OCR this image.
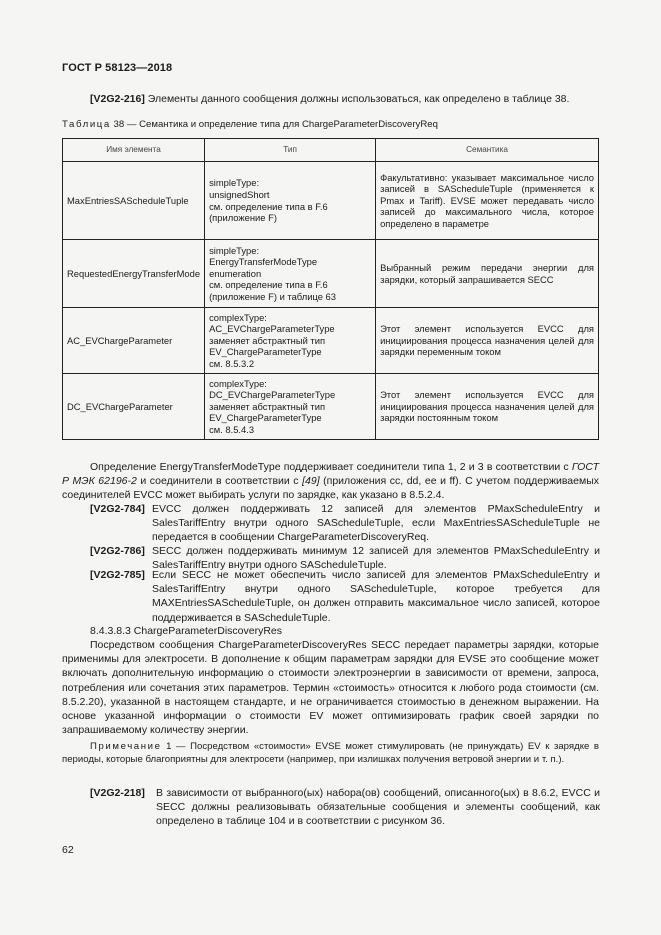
ГОСТ Р 58123—2018
[V2G2-216] Элементы данного сообщения должны использоваться, как определено в таблице 38.
Таблица 38 — Семантика и определение типа для ChargeParameterDiscoveryReq
Имя элемента	Тип	Семантика
MaxEntriesSAScheduleTuple	simpleType:
unsignedShort
см. определение типа в F.6
(приложение F)	Факультативно: указывает максимальное число записей в SAScheduleTuple (применяется к Pmax и Tariff). EVSE может передавать число записей до максимального числа, которое определено в параметре
RequestedEnergyTransferMode	simpleType:
EnergyTransferModeType
enumeration
см. определение типа в F.6
(приложение F) и таблице 63	Выбранный режим передачи энергии для зарядки, который запрашивается SECC
AC_EVChargeParameter	complexType:
AC_EVChargeParameterType
заменяет абстрактный тип
EV_ChargeParameterType
см. 8.5.3.2	Этот элемент используется EVCC для инициирования процесса назначения целей для зарядки переменным током
DC_EVChargeParameter	complexType:
DC_EVChargeParameterType
заменяет абстрактный тип
EV_ChargeParameterType
см. 8.5.4.3	Этот элемент используется EVCC для инициирования процесса назначения целей для зарядки постоянным током
Определение EnergyTransferModeType поддерживает соединители типа 1, 2 и 3 в соответствии с ГОСТ Р МЭК 62196-2 и соединители в соответствии с [49] (приложения cc, dd, ee и ff). С учетом поддерживаемых соединителей EVCC может выбирать услуги по зарядке, как указано в 8.5.2.4.
[V2G2-784] EVCC должен поддерживать 12 записей для элементов PMaxScheduleEntry и SalesTariffEntry внутри одного SAScheduleTuple, если MaxEntriesSAScheduleTuple не передается в сообщении ChargeParameterDiscoveryReq.
[V2G2-786] SECC должен поддерживать минимум 12 записей для элементов PMaxScheduleEntry и SalesTariffEntry внутри одного SAScheduleTuple.
[V2G2-785] Если SECC не может обеспечить число записей для элементов PMaxScheduleEntry и SalesTariffEntry внутри одного SAScheduleTuple, которое требуется для MAXEntriesSAScheduleTuple, он должен отправить максимальное число записей, которое поддерживается в SAScheduleTuple.
8.4.3.8.3 ChargeParameterDiscoveryRes
Посредством сообщения ChargeParameterDiscoveryRes SECC передает параметры зарядки, которые применимы для электросети. В дополнение к общим параметрам зарядки для EVSE это сообщение может включать дополнительную информацию о стоимости электроэнергии в зависимости от времени, запроса, потребления или сочетания этих параметров. Термин «стоимость» относится к любого рода стоимости (см. 8.5.2.20), указанной в настоящем стандарте, и не ограничивается стоимостью в денежном выражении. На основе указанной информации о стоимости EV может оптимизировать график своей зарядки по запрашиваемому количеству энергии.
Примечание 1 — Посредством «стоимости» EVSE может стимулировать (не принуждать) EV к зарядке в периоды, которые благоприятны для электросети (например, при излишках получения ветровой энергии и т. п.).
[V2G2-218] В зависимости от выбранного(ых) набора(ов) сообщений, описанного(ых) в 8.6.2, EVCC и SECC должны реализовывать обязательные сообщения и элементы сообщений, как определено в таблице 104 и в соответствии с рисунком 36.
62
